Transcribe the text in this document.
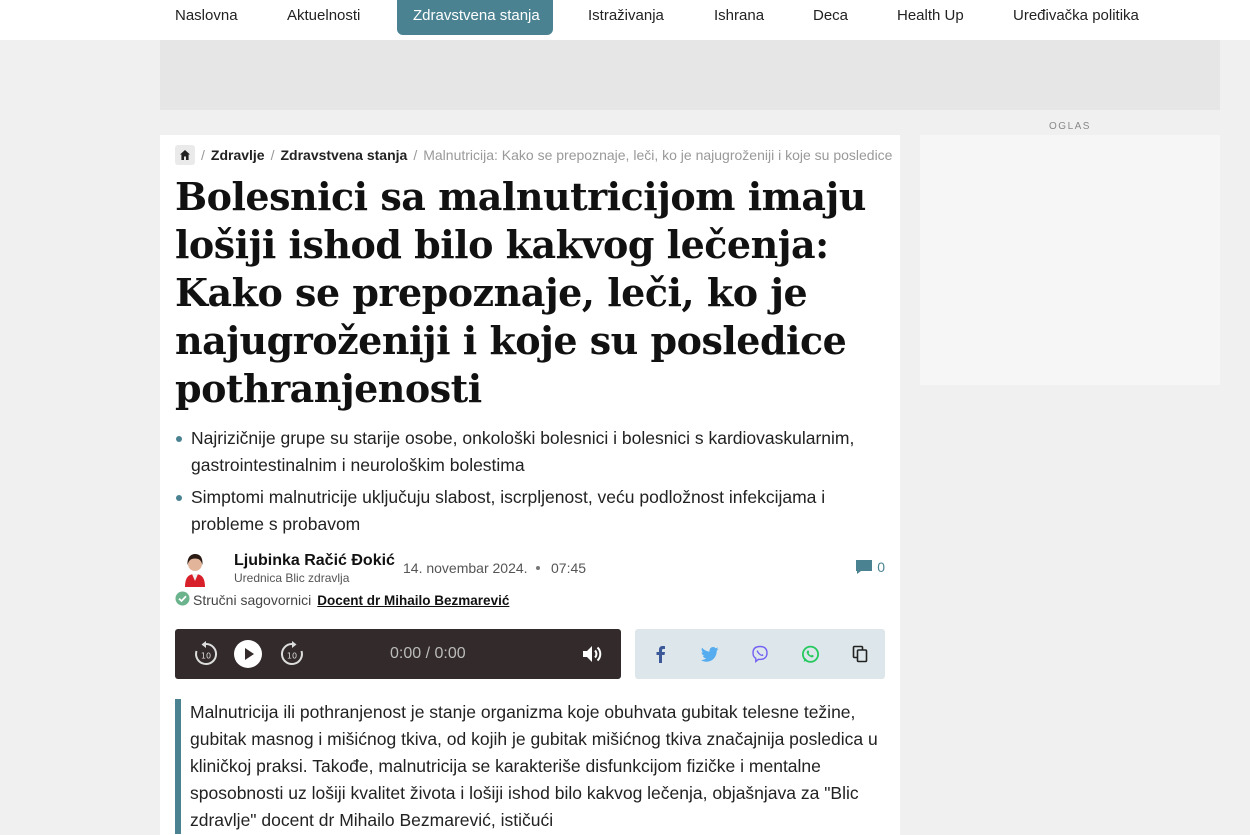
Naslovna	Aktuelnosti	Zdravstvena stanja	Istraživanja	Ishrana	Deca	Health Up	Uređivačka politika
OGLAS
/ Zdravlje / Zdravstvena stanja / Malnutricija: Kako se prepoznaje, leči, ko je najugroženiji i koje su posledice
Bolesnici sa malnutricijom imaju lošiji ishod bilo kakvog lečenja: Kako se prepoznaje, leči, ko je najugroženiji i koje su posledice pothranjenosti
Najrizičnije grupe su starije osobe, onkološki bolesnici i bolesnici s kardiovaskularnim, gastrointestinalnim i neurološkim bolestima
Simptomi malnutricije uključuju slabost, iscrpljenost, veću podložnost infekcijama i probleme s probavom
Ljubinka Račić Đokić
Urednica Blic zdravlja
14. novembar 2024. 07:45	0
Stručni sagovornici Docent dr Mihailo Bezmarević
10	10	0:00 / 0:00

Malnutricija ili pothranjenost je stanje organizma koje obuhvata gubitak telesne težine, gubitak masnog i mišićnog tkiva, od kojih je gubitak mišićnog tkiva značajnija posledica u kliničkoj praksi. Takođe, malnutricija se karakteriše disfunkcijom fizičke i mentalne sposobnosti uz lošiji kvalitet života i lošiji ishod bilo kakvog lečenja, objašnjava za "Blic zdravlje" docent dr Mihailo Bezmarević, ističući
